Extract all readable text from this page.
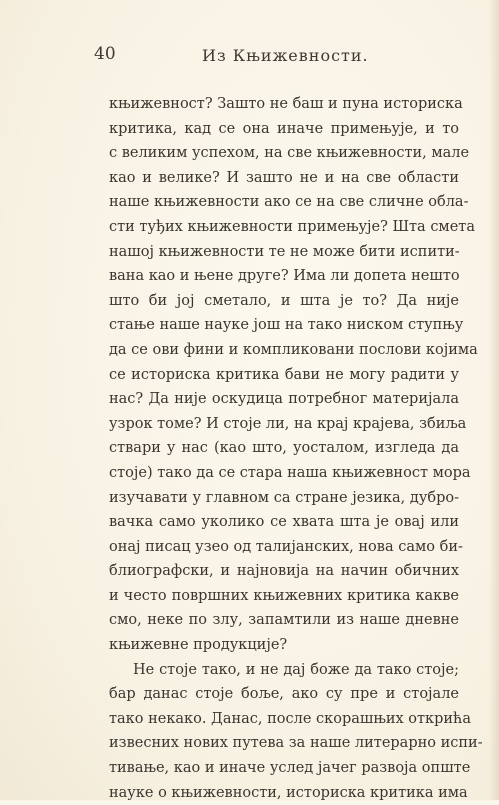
40	Из Књижевности.
књижевност? Зашто не баш и пуна историска
критика, кад се она иначе примењује, и то
с великим успехом, на све књижевности, мале
као и велике? И зашто не и на све области
наше књижевности ако се на све сличне обла-
сти туђих књижевности примењује? Шта смета
нашој књижевности те не може бити испити-
вана као и њене друге? Има ли допета нешто
што би јој сметало, и шта је то? Да није
стање наше науке још на тако ниском ступњу
да се ови фини и компликовани послови којима
се историска критика бави не могу радити у
нас? Да није оскудица потребног материјала
узрок томе? И стоје ли, на крај крајева, збиља
ствари у нас (као што, уосталом, изгледа да
стоје) тако да се стара наша књижевност мора
изучавати у главном са стране језика, дубро-
вачка само уколико се хвата шта је овај или
онај писац узео од талијанских, нова само би-
блиографски, и најновија на начин обичних
и често површних књижевних критика какве
смо, неке по злу, запамтили из наше дневне
књижевне продукције?
Не стоје тако, и не дај боже да тако стоје;
бар данас стоје боље, ако су пре и стојале
тако некако. Данас, после скорашњих открића
извесних нових путева за наше литерарно испи-
тивање, као и иначе услед јачег развоја опште
науке о књижевности, историска критика има
